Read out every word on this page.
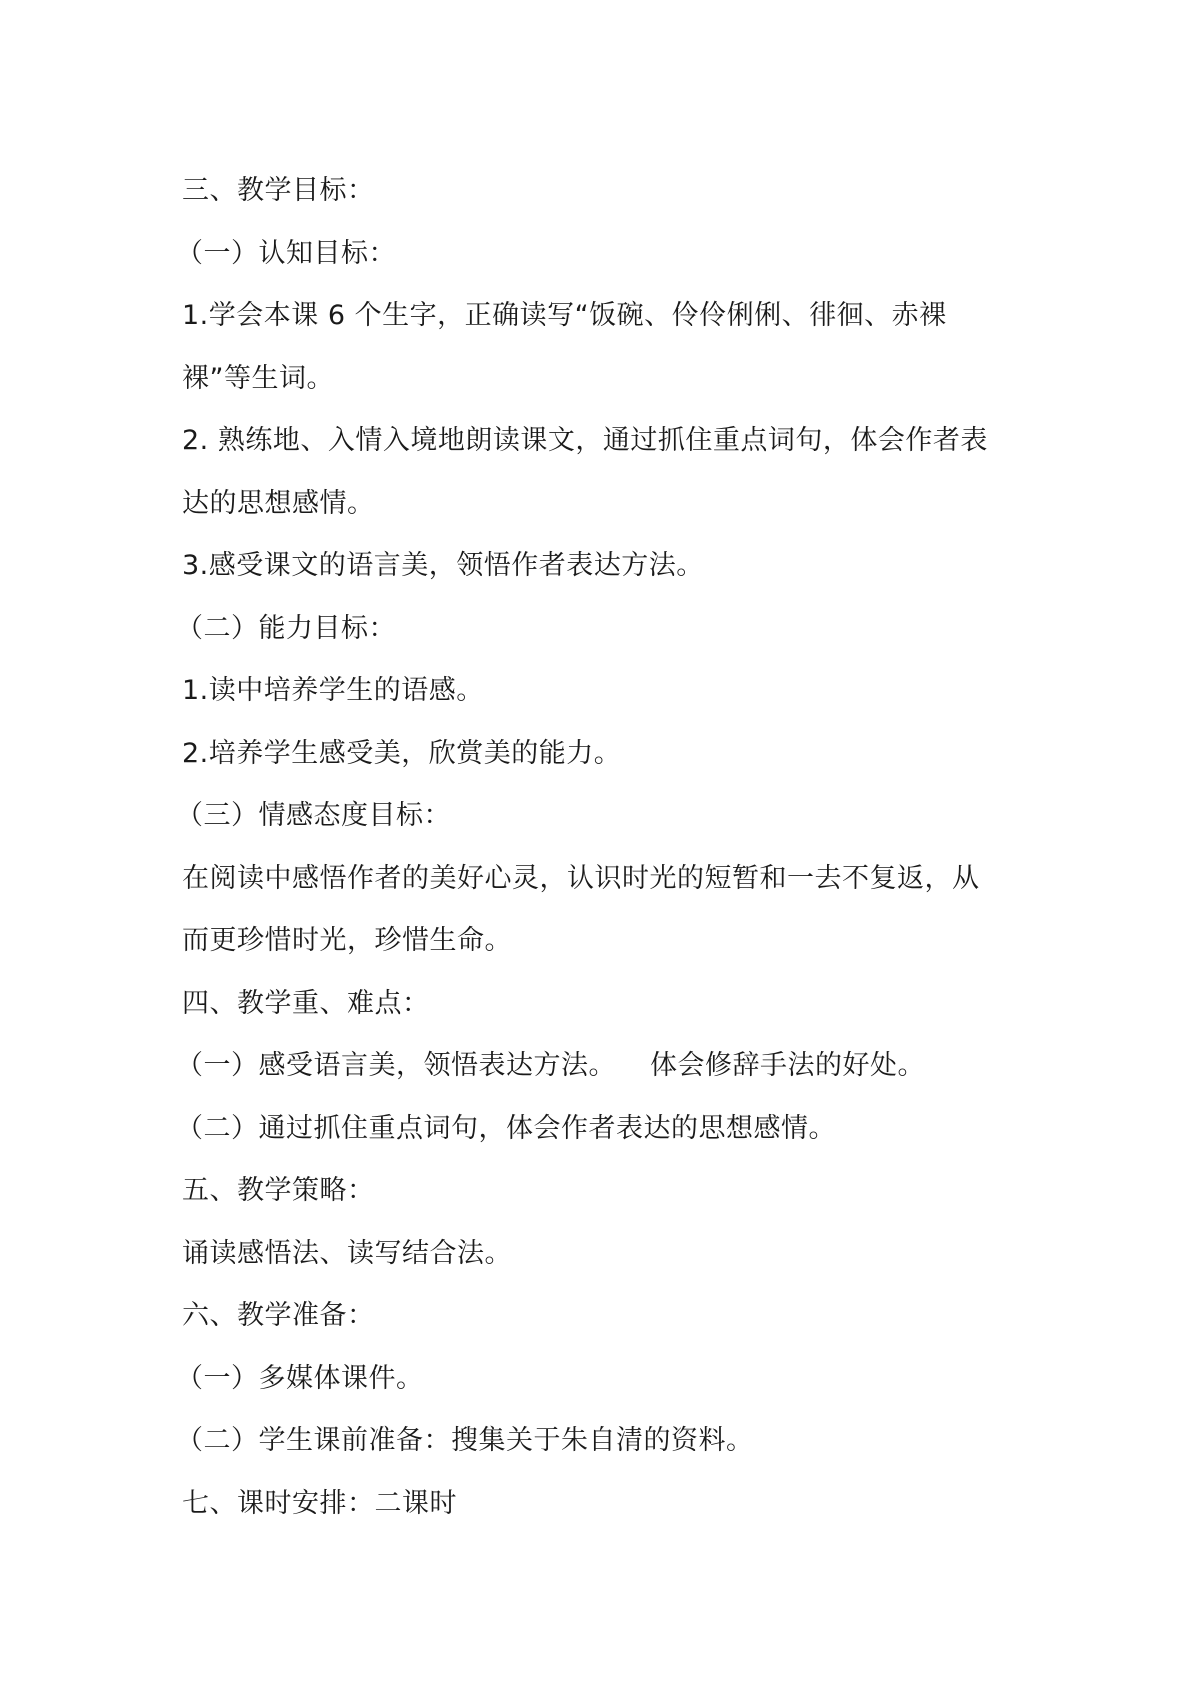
三、教学目标：
（一）认知目标：
1.学会本课 6 个生字，正确读写“饭碗、伶伶俐俐、徘徊、赤裸
裸”等生词。
2. 熟练地、入情入境地朗读课文，通过抓住重点词句，体会作者表
达的思想感情。
3.感受课文的语言美，领悟作者表达方法。
（二）能力目标：
1.读中培养学生的语感。
2.培养学生感受美，欣赏美的能力。
（三）情感态度目标：
在阅读中感悟作者的美好心灵，认识时光的短暂和一去不复返，从
而更珍惜时光，珍惜生命。
四、教学重、难点：
（一）感受语言美，领悟表达方法。 体会修辞手法的好处。
（二）通过抓住重点词句，体会作者表达的思想感情。
五、教学策略：
诵读感悟法、读写结合法。
六、教学准备：
（一）多媒体课件。
（二）学生课前准备：搜集关于朱自清的资料。
七、课时安排：二课时
